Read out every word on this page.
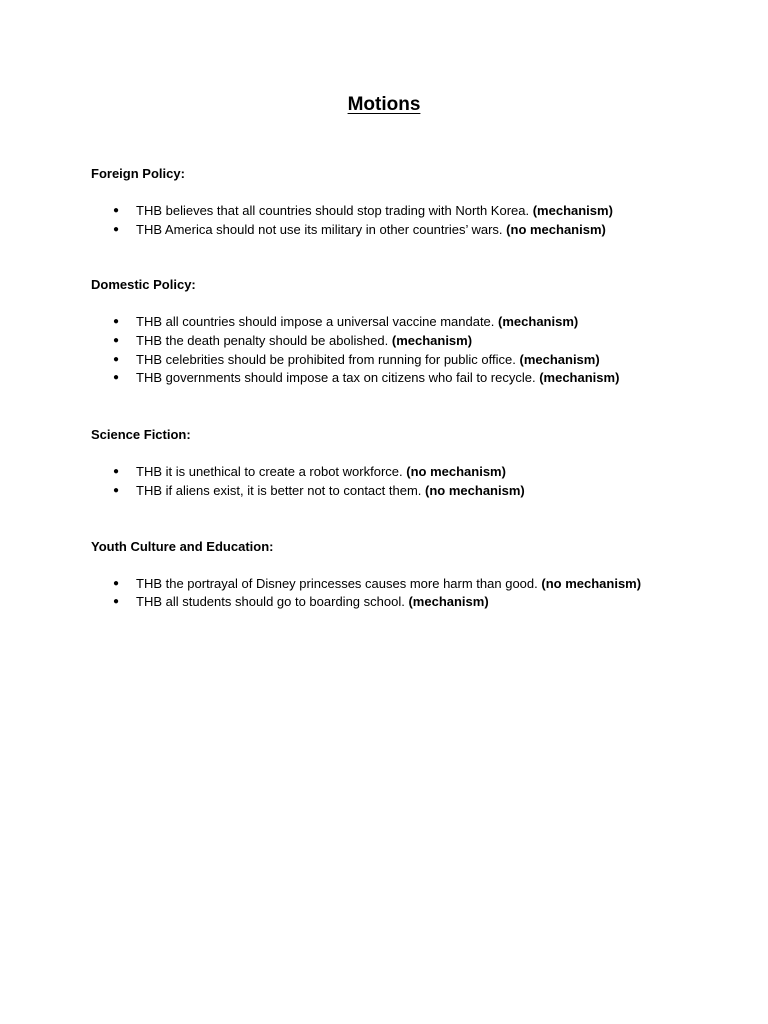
Motions
Foreign Policy:
● THB believes that all countries should stop trading with North Korea. (mechanism)
● THB America should not use its military in other countries’ wars. (no mechanism)
Domestic Policy:
● THB all countries should impose a universal vaccine mandate. (mechanism)
● THB the death penalty should be abolished. (mechanism)
● THB celebrities should be prohibited from running for public office. (mechanism)
● THB governments should impose a tax on citizens who fail to recycle. (mechanism)
Science Fiction:
● THB it is unethical to create a robot workforce. (no mechanism)
● THB if aliens exist, it is better not to contact them. (no mechanism)
Youth Culture and Education:
● THB the portrayal of Disney princesses causes more harm than good. (no mechanism)
● THB all students should go to boarding school. (mechanism)
